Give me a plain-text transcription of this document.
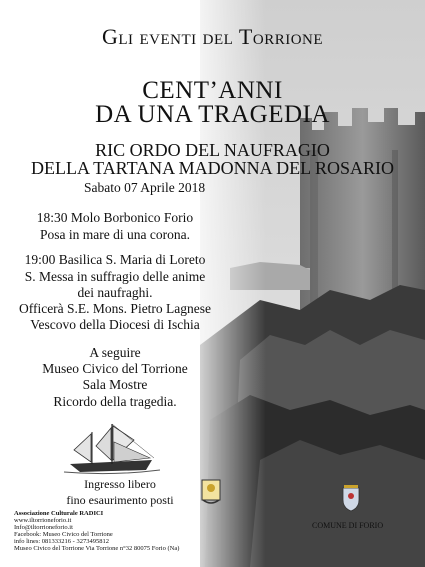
Gli eventi del Torrione
CENT’ANNI
DA UNA TRAGEDIA
RIC ORDO DEL NAUFRAGIO
DELLA TARTANA MADONNA DEL ROSARIO
Sabato 07 Aprile 2018
18:30 Molo Borbonico Forio
Posa in mare di una corona.
19:00 Basilica S. Maria di Loreto
S. Messa in suffragio delle anime
dei naufraghi.
Officerà S.E. Mons. Pietro Lagnese
Vescovo della Diocesi di Ischia
A seguire
Museo Civico del Torrione
Sala Mostre
Ricordo della tragedia.
Ingresso libero
fino esaurimento posti
COMUNE DI FORIO
Associazione Culturale RADICI
www.iltorrioneforio.it
Info@iltorrioneforio.it
Facebook: Museo Civico del Torrione
info lines: 081333216 - 3273495812
Museo Civico del Torrione Via Torrione n°32 80075 Forio (Na)
